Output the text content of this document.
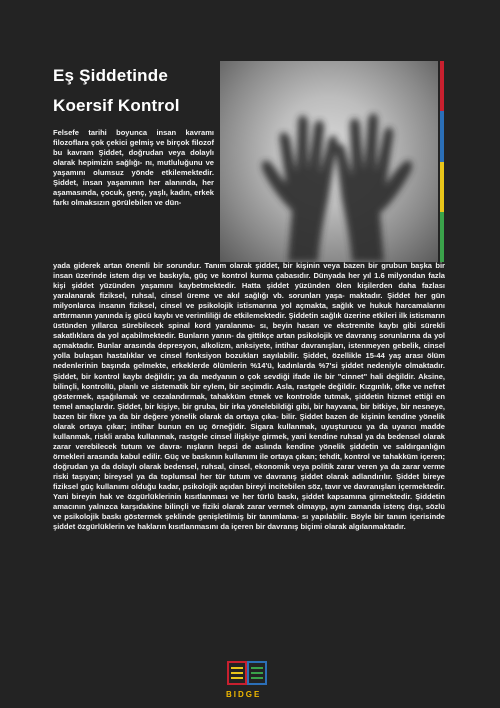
Eş Şiddetinde
Koersif Kontrol

Felsefe tarihi boyunca insan kavramı filozoflara çok çekici gelmiş ve birçok filozof bu kavram Şiddet, doğrudan veya dolaylı olarak hepimizin sağlığı- nı, mutluluğunu ve yaşamını olumsuz yönde etkilemektedir. Şiddet, insan yaşamının her alanında, her aşamasında, çocuk, genç, yaşlı, kadın, erkek farkı olmaksızın görülebilen ve dün-

yada giderek artan önemli bir sorundur. Tanım olarak şiddet, bir kişinin veya bazen bir grubun başka bir insan üzerinde istem dışı ve baskıyla, güç ve kontrol kurma çabasıdır. Dünyada her yıl 1.6 milyondan fazla kişi şiddet yüzünden yaşamını kaybetmektedir. Hatta şiddet yüzünden ölen kişilerden daha fazlası yaralanarak fiziksel, ruhsal, cinsel üreme ve akıl sağlığı vb. sorunları yaşa- maktadır. Şiddet her gün milyonlarca insanın fiziksel, cinsel ve psikolojik istismarına yol açmakta, sağlık ve hukuk harcamalarını arttırmanın yanında iş gücü kaybı ve verimliliği de etkilemektedir. Şiddetin sağlık üzerine etkileri ilk istismarın üstünden yıllarca sürebilecek spinal kord yaralanma- sı, beyin hasarı ve ekstremite kaybı gibi sürekli sakatlıklara da yol açabilmektedir. Bunların yanın- da gittikçe artan psikolojik ve davranış sorunlarına da yol açmaktadır. Bunlar arasında depresyon, alkolizm, anksiyete, intihar davranışları, istenmeyen gebelik, cinsel yolla bulaşan hastalıklar ve cinsel fonksiyon bozukları sayılabilir. Şiddet, özellikle 15-44 yaş arası ölüm nedenlerinin başında gelmekte, erkeklerde ölümlerin %14'ü, kadınlarda %7'si şiddet nedeniyle olmaktadır. Şiddet, bir kontrol kaybı değildir; ya da medyanın o çok sevdiği ifade ile bir "cinnet" hali değildir. Aksine, bilinçli, kontrollü, planlı ve sistematik bir eylem, bir seçimdir. Asla, rastgele değildir. Kızgınlık, öfke ve nefret göstermek, aşağılamak ve cezalandırmak, tahakküm etmek ve kontrolde tutmak, şiddetin hizmet ettiği en temel amaçlardır. Şiddet, bir kişiye, bir gruba, bir irka yönelebildiği gibi, bir hayvana, bir bitkiye, bir nesneye, bazen bir fikre ya da bir değere yönelik olarak da ortaya çıka- bilir. Şiddet bazen de kişinin kendine yönelik olarak ortaya çıkar; intihar bunun en uç örneğidir. Sigara kullanmak, uyuşturucu ya da uyarıcı madde kullanmak, riskli araba kullanmak, rastgele cinsel ilişkiye girmek, yani kendine ruhsal ya da bedensel olarak zarar verebilecek tutum ve davra- nışların hepsi de aslında kendine yönelik şiddetin ve saldırganlığın örnekleri arasında kabul edilir. Güç ve baskının kullanımı ile ortaya çıkan; tehdit, kontrol ve tahakküm içeren; doğrudan ya da dolaylı olarak bedensel, ruhsal, cinsel, ekonomik veya politik zarar veren ya da zarar verme riski taşıyan; bireysel ya da toplumsal her tür tutum ve davranış şiddet olarak adlandırılır. Şiddet bireye fiziksel güç kullanımı olduğu kadar, psikolojik açıdan bireyi incitebilen söz, tavır ve davranışları içermektedir. Yani bireyin hak ve özgürlüklerinin kısıtlanması ve her türlü baskı, şiddet kapsamına girmektedir. Şiddetin amacının yalnızca karşıdakine bilinçli ve fiziki olarak zarar vermek olmayıp, aynı zamanda istenç dışı, sözlü ve psikolojik baskı göstermek şeklinde genişletilmiş bir tanımlama- sı yapılabilir. Böyle bir tanım içerisinde şiddet özgürlüklerin ve hakların kısıtlanmasını da içeren bir davranış biçimi olarak algılanmaktadır.

BIDGE
